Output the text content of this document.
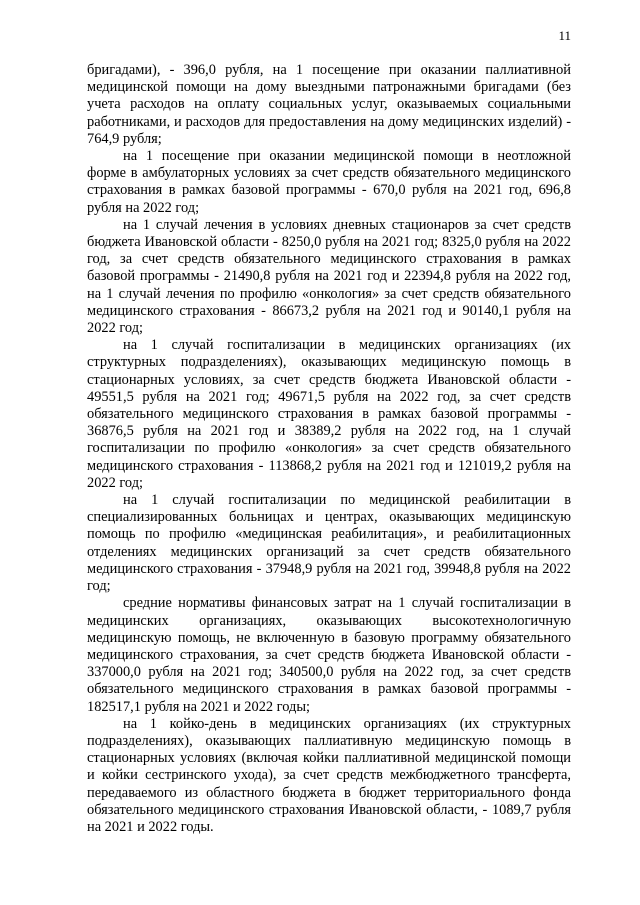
11

бригадами), - 396,0 рубля, на 1 посещение при оказании паллиативной медицинской помощи на дому выездными патронажными бригадами (без учета расходов на оплату социальных услуг, оказываемых социальными работниками, и расходов для предоставления на дому медицинских изделий) - 764,9 рубля;

на 1 посещение при оказании медицинской помощи в неотложной форме в амбулаторных условиях за счет средств обязательного медицинского страхования в рамках базовой программы - 670,0 рубля на 2021 год, 696,8 рубля на 2022 год;

на 1 случай лечения в условиях дневных стационаров за счет средств бюджета Ивановской области - 8250,0 рубля на 2021 год; 8325,0 рубля на 2022 год, за счет средств обязательного медицинского страхования в рамках базовой программы - 21490,8 рубля на 2021 год и 22394,8 рубля на 2022 год, на 1 случай лечения по профилю «онкология» за счет средств обязательного медицинского страхования - 86673,2 рубля на 2021 год и 90140,1 рубля на 2022 год;

на 1 случай госпитализации в медицинских организациях (их структурных подразделениях), оказывающих медицинскую помощь в стационарных условиях, за счет средств бюджета Ивановской области - 49551,5 рубля на 2021 год; 49671,5 рубля на 2022 год, за счет средств обязательного медицинского страхования в рамках базовой программы - 36876,5 рубля на 2021 год и 38389,2 рубля на 2022 год, на 1 случай госпитализации по профилю «онкология» за счет средств обязательного медицинского страхования - 113868,2 рубля на 2021 год и 121019,2 рубля на 2022 год;

на 1 случай госпитализации по медицинской реабилитации в специализированных больницах и центрах, оказывающих медицинскую помощь по профилю «медицинская реабилитация», и реабилитационных отделениях медицинских организаций за счет средств обязательного медицинского страхования - 37948,9 рубля на 2021 год, 39948,8 рубля на 2022 год;

средние нормативы финансовых затрат на 1 случай госпитализации в медицинских организациях, оказывающих высокотехнологичную медицинскую помощь, не включенную в базовую программу обязательного медицинского страхования, за счет средств бюджета Ивановской области - 337000,0 рубля на 2021 год; 340500,0 рубля на 2022 год, за счет средств обязательного медицинского страхования в рамках базовой программы - 182517,1 рубля на 2021 и 2022 годы;

на 1 койко-день в медицинских организациях (их структурных подразделениях), оказывающих паллиативную медицинскую помощь в стационарных условиях (включая койки паллиативной медицинской помощи и койки сестринского ухода), за счет средств межбюджетного трансферта, передаваемого из областного бюджета в бюджет территориального фонда обязательного медицинского страхования Ивановской области, - 1089,7 рубля на 2021 и 2022 годы.
